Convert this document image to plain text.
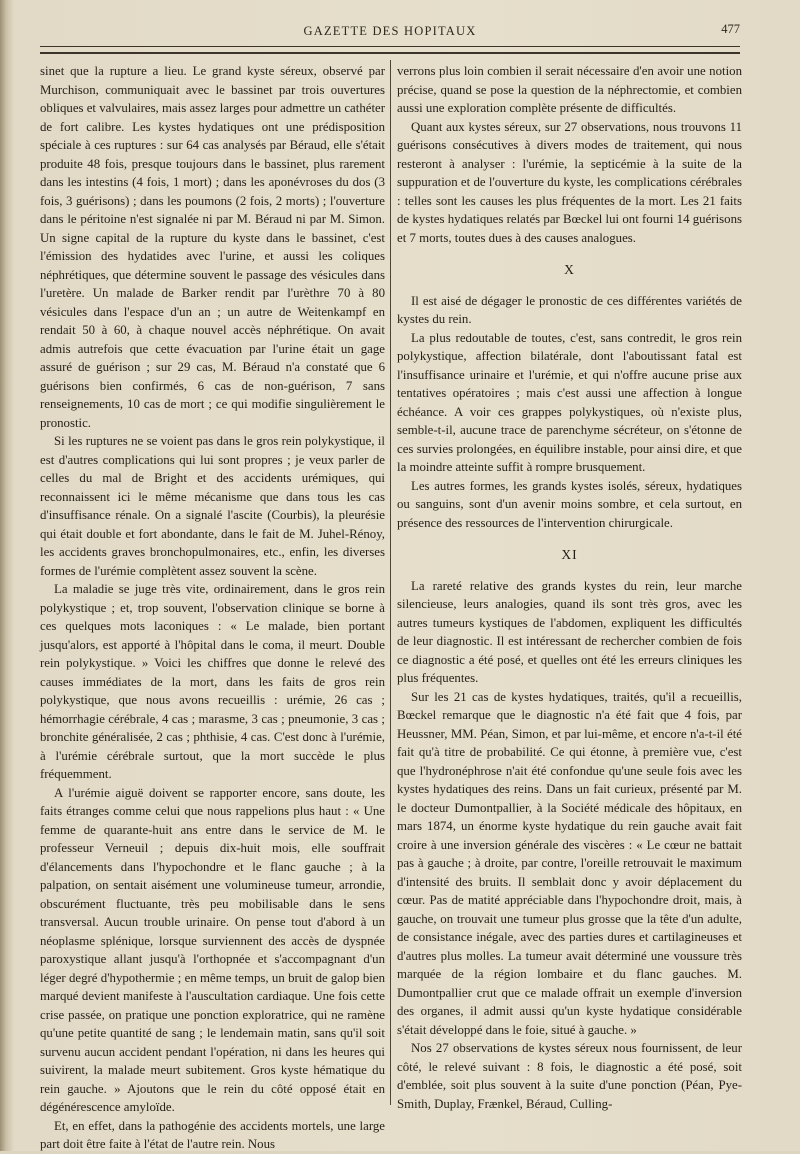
GAZETTE DES HOPITAUX	477

sinet que la rupture a lieu. Le grand kyste séreux, observé par Murchison, communiquait avec le bassinet par trois ouvertures obliques et valvulaires, mais assez larges pour admettre un cathéter de fort calibre. Les kystes hydatiques ont une prédisposition spéciale à ces ruptures : sur 64 cas analysés par Béraud, elle s'était produite 48 fois, presque toujours dans le bassinet, plus rarement dans les intestins (4 fois, 1 mort) ; dans les aponévroses du dos (3 fois, 3 guérisons) ; dans les poumons (2 fois, 2 morts) ; l'ouverture dans le péritoine n'est signalée ni par M. Béraud ni par M. Simon. Un signe capital de la rupture du kyste dans le bassinet, c'est l'émission des hydatides avec l'urine, et aussi les coliques néphrétiques, que détermine souvent le passage des vésicules dans l'uretère. Un malade de Barker rendit par l'urèthre 70 à 80 vésicules dans l'espace d'un an ; un autre de Weitenkampf en rendait 50 à 60, à chaque nouvel accès néphrétique. On avait admis autrefois que cette évacuation par l'urine était un gage assuré de guérison ; sur 29 cas, M. Béraud n'a constaté que 6 guérisons bien confirmés, 6 cas de non-guérison, 7 sans renseignements, 10 cas de mort ; ce qui modifie singulièrement le pronostic.

Si les ruptures ne se voient pas dans le gros rein polykystique, il est d'autres complications qui lui sont propres ; je veux parler de celles du mal de Bright et des accidents urémiques, qui reconnaissent ici le même mécanisme que dans tous les cas d'insuffisance rénale. On a signalé l'ascite (Courbis), la pleurésie qui était double et fort abondante, dans le fait de M. Juhel-Rénoy, les accidents graves bronchopulmonaires, etc., enfin, les diverses formes de l'urémie complètent assez souvent la scène.

La maladie se juge très vite, ordinairement, dans le gros rein polykystique ; et, trop souvent, l'observation clinique se borne à ces quelques mots laconiques : « Le malade, bien portant jusqu'alors, est apporté à l'hôpital dans le coma, il meurt. Double rein polykystique. » Voici les chiffres que donne le relevé des causes immédiates de la mort, dans les faits de gros rein polykystique, que nous avons recueillis : urémie, 26 cas ; hémorrhagie cérébrale, 4 cas ; marasme, 3 cas ; pneumonie, 3 cas ; bronchite généralisée, 2 cas ; phthisie, 4 cas. C'est donc à l'urémie, à l'urémie cérébrale surtout, que la mort succède le plus fréquemment.

A l'urémie aiguë doivent se rapporter encore, sans doute, les faits étranges comme celui que nous rappelions plus haut : « Une femme de quarante-huit ans entre dans le service de M. le professeur Verneuil ; depuis dix-huit mois, elle souffrait d'élancements dans l'hypochondre et le flanc gauche ; à la palpation, on sentait aisément une volumineuse tumeur, arrondie, obscurément fluctuante, très peu mobilisable dans le sens transversal. Aucun trouble urinaire. On pense tout d'abord à un néoplasme splénique, lorsque surviennent des accès de dyspnée paroxystique allant jusqu'à l'orthopnée et s'accompagnant d'un léger degré d'hypothermie ; en même temps, un bruit de galop bien marqué devient manifeste à l'auscultation cardiaque. Une fois cette crise passée, on pratique une ponction exploratrice, qui ne ramène qu'une petite quantité de sang ; le lendemain matin, sans qu'il soit survenu aucun accident pendant l'opération, ni dans les heures qui suivirent, la malade meurt subitement. Gros kyste hématique du rein gauche. » Ajoutons que le rein du côté opposé était en dégénérescence amyloïde.

Et, en effet, dans la pathogénie des accidents mortels, une large part doit être faite à l'état de l'autre rein. Nous

verrons plus loin combien il serait nécessaire d'en avoir une notion précise, quand se pose la question de la néphrectomie, et combien aussi une exploration complète présente de difficultés.

Quant aux kystes séreux, sur 27 observations, nous trouvons 11 guérisons consécutives à divers modes de traitement, qui nous resteront à analyser : l'urémie, la septicémie à la suite de la suppuration et de l'ouverture du kyste, les complications cérébrales : telles sont les causes les plus fréquentes de la mort. Les 21 faits de kystes hydatiques relatés par Bœckel lui ont fourni 14 guérisons et 7 morts, toutes dues à des causes analogues.

X

Il est aisé de dégager le pronostic de ces différentes variétés de kystes du rein.

La plus redoutable de toutes, c'est, sans contredit, le gros rein polykystique, affection bilatérale, dont l'aboutissant fatal est l'insuffisance urinaire et l'urémie, et qui n'offre aucune prise aux tentatives opératoires ; mais c'est aussi une affection à longue échéance. A voir ces grappes polykystiques, où n'existe plus, semble-t-il, aucune trace de parenchyme sécréteur, on s'étonne de ces survies prolongées, en équilibre instable, pour ainsi dire, et que la moindre atteinte suffit à rompre brusquement.

Les autres formes, les grands kystes isolés, séreux, hydatiques ou sanguins, sont d'un avenir moins sombre, et cela surtout, en présence des ressources de l'intervention chirurgicale.

XI

La rareté relative des grands kystes du rein, leur marche silencieuse, leurs analogies, quand ils sont très gros, avec les autres tumeurs kystiques de l'abdomen, expliquent les difficultés de leur diagnostic. Il est intéressant de rechercher combien de fois ce diagnostic a été posé, et quelles ont été les erreurs cliniques les plus fréquentes.

Sur les 21 cas de kystes hydatiques, traités, qu'il a recueillis, Bœckel remarque que le diagnostic n'a été fait que 4 fois, par Heussner, MM. Péan, Simon, et par lui-même, et encore n'a-t-il été fait qu'à titre de probabilité. Ce qui étonne, à première vue, c'est que l'hydronéphrose n'ait été confondue qu'une seule fois avec les kystes hydatiques des reins. Dans un fait curieux, présenté par M. le docteur Dumontpallier, à la Société médicale des hôpitaux, en mars 1874, un énorme kyste hydatique du rein gauche avait fait croire à une inversion générale des viscères : « Le cœur ne battait pas à gauche ; à droite, par contre, l'oreille retrouvait le maximum d'intensité des bruits. Il semblait donc y avoir déplacement du cœur. Pas de matité appréciable dans l'hypochondre droit, mais, à gauche, on trouvait une tumeur plus grosse que la tête d'un adulte, de consistance inégale, avec des parties dures et cartilagineuses et d'autres plus molles. La tumeur avait déterminé une voussure très marquée de la région lombaire et du flanc gauches. M. Dumontpallier crut que ce malade offrait un exemple d'inversion des organes, il admit aussi qu'un kyste hydatique considérable s'était développé dans le foie, situé à gauche. »

Nos 27 observations de kystes séreux nous fournissent, de leur côté, le relevé suivant : 8 fois, le diagnostic a été posé, soit d'emblée, soit plus souvent à la suite d'une ponction (Péan, Pye-Smith, Duplay, Frænkel, Béraud, Culling-
